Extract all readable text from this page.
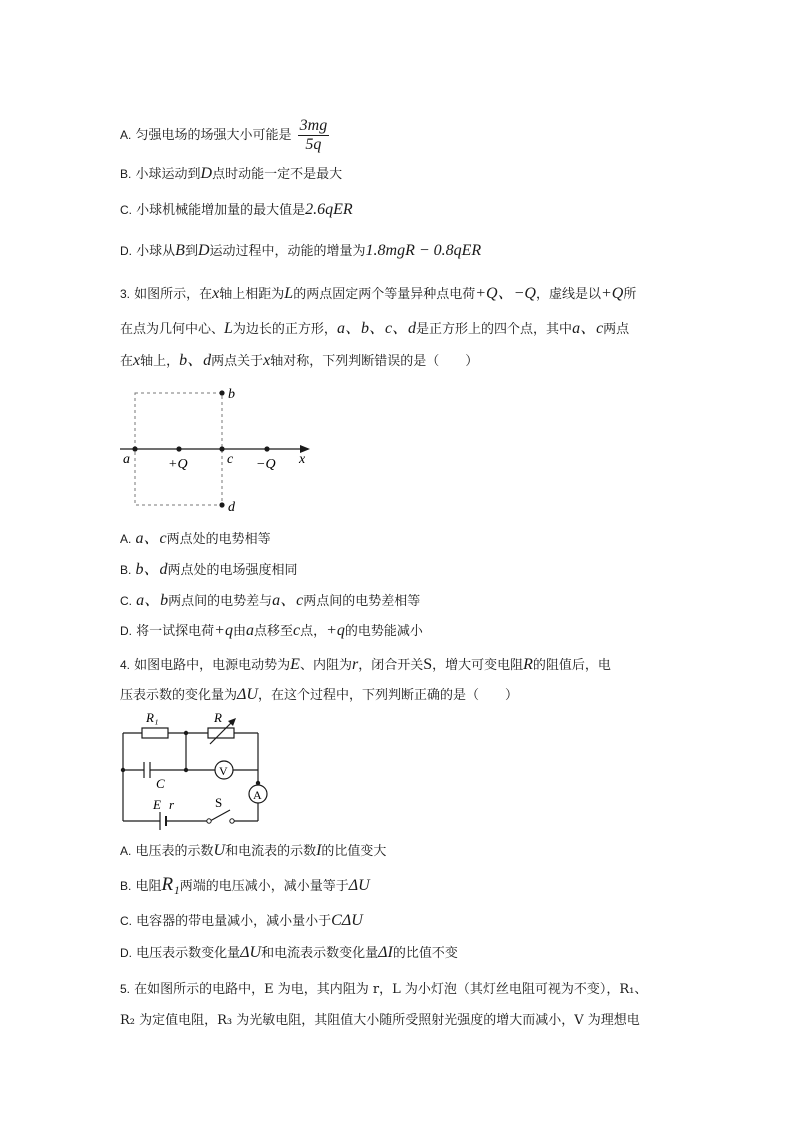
A. 匀强电场的场强大小可能是 $\frac{3mg}{5q}$
B. 小球运动到D点时动能一定不是最大
C. 小球机械能增加量的最大值是2.6qER
D. 小球从B到D运动过程中，动能的增量为1.8mgR − 0.8qER
3. 如图所示，在x轴上相距为L的两点固定两个等量异种点电荷+Q、−Q，虚线是以+Q所
在点为几何中心、L为边长的正方形，a、b、c、d是正方形上的四个点，其中a、c两点
在x轴上，b、d两点关于x轴对称，下列判断错误的是（　　）
b
a	+Q	c −Q x
d
A. a、c两点处的电势相等
B. b、d两点处的电场强度相同
C. a、b两点间的电势差与a、c两点间的电势差相等
D. 将一试探电荷+q由a点移至c点，+q的电势能减小
4. 如图电路中，电源电动势为E、内阻为r，闭合开关S，增大可变电阻R的阻值后，电
压表示数的变化量为ΔU，在这个过程中，下列判断正确的是（　　）
R₁	R
C
V
A
E r	S
A. 电压表的示数U和电流表的示数I的比值变大
B. 电阻R₁两端的电压减小，减小量等于ΔU
C. 电容器的带电量减小，减小量小于CΔU
D. 电压表示数变化量ΔU和电流表示数变化量ΔI的比值不变
5. 在如图所示的电路中，E 为电，其内阻为 r，L 为小灯泡（其灯丝电阻可视为不变），R₁、
R₂ 为定值电阻，R₃ 为光敏电阻，其阻值大小随所受照射光强度的增大而减小，V 为理想电
